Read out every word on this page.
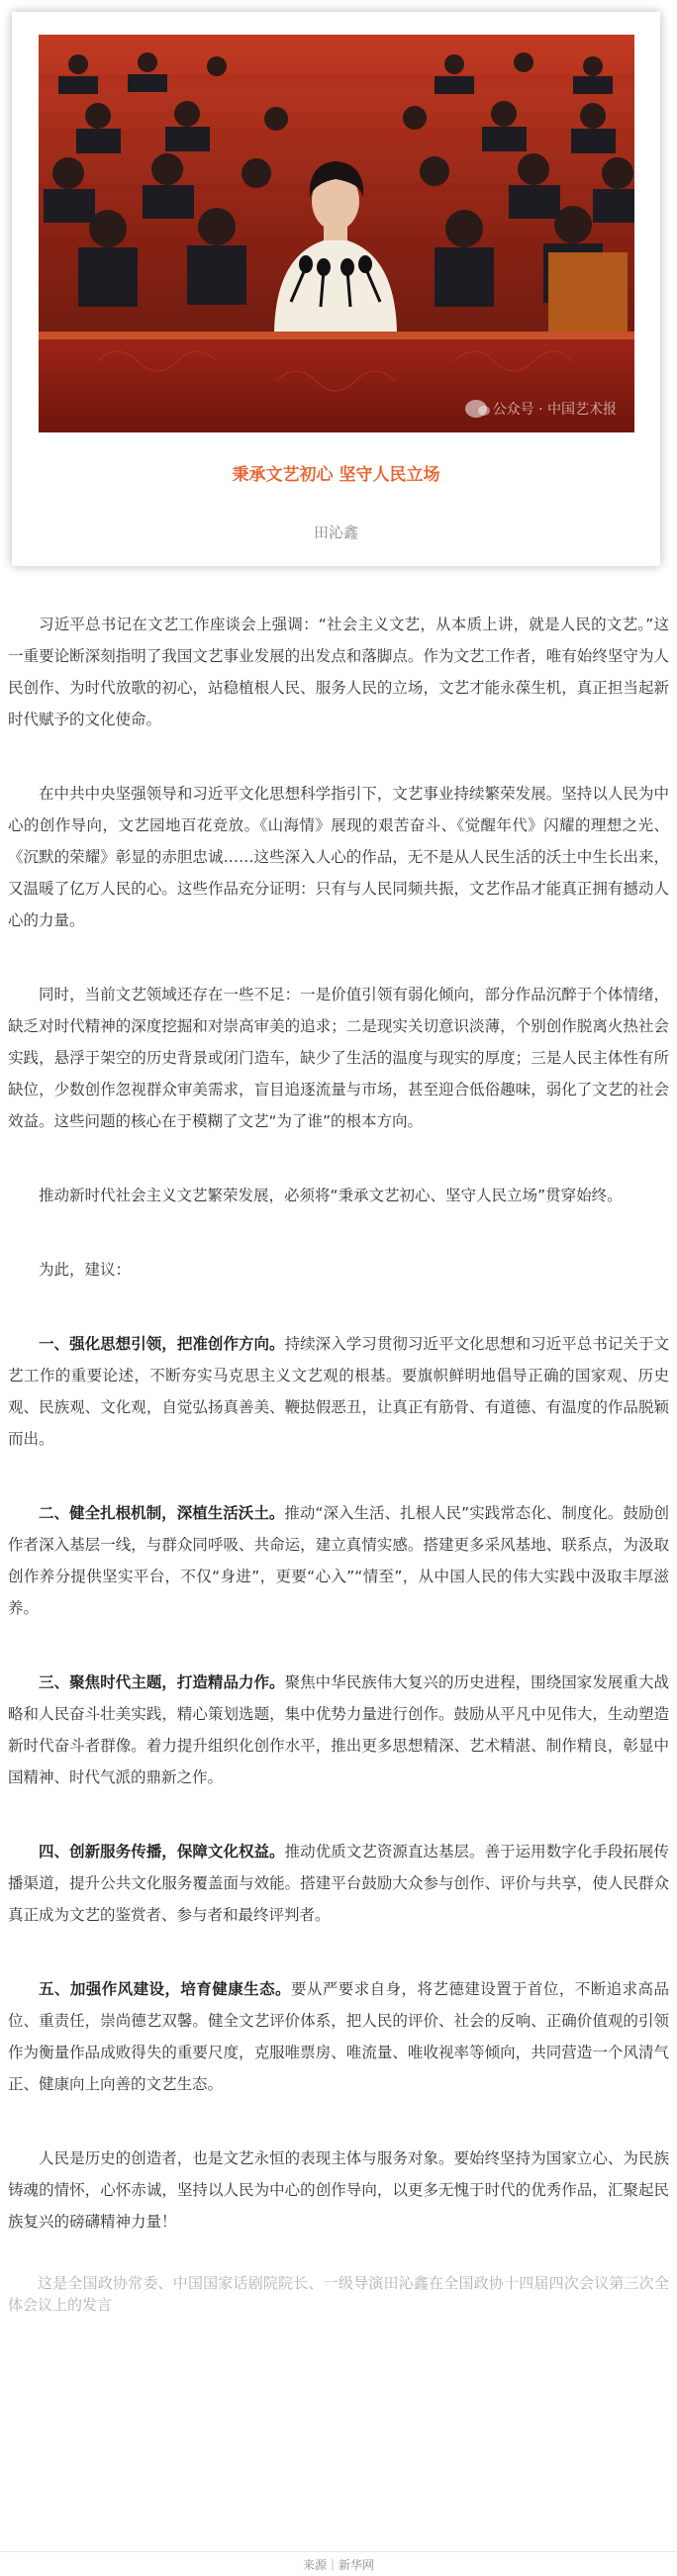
公众号 · 中国艺术报
秉承文艺初心 坚守人民立场
田沁鑫

习近平总书记在文艺工作座谈会上强调：“社会主义文艺，从本质上讲，就是人民的文艺。”这一重要论断深刻指明了我国文艺事业发展的出发点和落脚点。作为文艺工作者，唯有始终坚守为人民创作、为时代放歌的初心，站稳植根人民、服务人民的立场，文艺才能永葆生机，真正担当起新时代赋予的文化使命。

在中共中央坚强领导和习近平文化思想科学指引下，文艺事业持续繁荣发展。坚持以人民为中心的创作导向，文艺园地百花竞放。《山海情》展现的艰苦奋斗、《觉醒年代》闪耀的理想之光、《沉默的荣耀》彰显的赤胆忠诚……这些深入人心的作品，无不是从人民生活的沃土中生长出来，又温暖了亿万人民的心。这些作品充分证明：只有与人民同频共振，文艺作品才能真正拥有撼动人心的力量。

同时，当前文艺领域还存在一些不足：一是价值引领有弱化倾向，部分作品沉醉于个体情绪，缺乏对时代精神的深度挖掘和对崇高审美的追求；二是现实关切意识淡薄，个别创作脱离火热社会实践，悬浮于架空的历史背景或闭门造车，缺少了生活的温度与现实的厚度；三是人民主体性有所缺位，少数创作忽视群众审美需求，盲目追逐流量与市场，甚至迎合低俗趣味，弱化了文艺的社会效益。这些问题的核心在于模糊了文艺“为了谁”的根本方向。

推动新时代社会主义文艺繁荣发展，必须将“秉承文艺初心、坚守人民立场”贯穿始终。

为此，建议：

一、强化思想引领，把准创作方向。持续深入学习贯彻习近平文化思想和习近平总书记关于文艺工作的重要论述，不断夯实马克思主义文艺观的根基。要旗帜鲜明地倡导正确的国家观、历史观、民族观、文化观，自觉弘扬真善美、鞭挞假恶丑，让真正有筋骨、有道德、有温度的作品脱颖而出。

二、健全扎根机制，深植生活沃土。推动“深入生活、扎根人民”实践常态化、制度化。鼓励创作者深入基层一线，与群众同呼吸、共命运，建立真情实感。搭建更多采风基地、联系点，为汲取创作养分提供坚实平台，不仅“身进”，更要“心入”“情至”，从中国人民的伟大实践中汲取丰厚滋养。

三、聚焦时代主题，打造精品力作。聚焦中华民族伟大复兴的历史进程，围绕国家发展重大战略和人民奋斗壮美实践，精心策划选题，集中优势力量进行创作。鼓励从平凡中见伟大，生动塑造新时代奋斗者群像。着力提升组织化创作水平，推出更多思想精深、艺术精湛、制作精良，彰显中国精神、时代气派的鼎新之作。

四、创新服务传播，保障文化权益。推动优质文艺资源直达基层。善于运用数字化手段拓展传播渠道，提升公共文化服务覆盖面与效能。搭建平台鼓励大众参与创作、评价与共享，使人民群众真正成为文艺的鉴赏者、参与者和最终评判者。

五、加强作风建设，培育健康生态。要从严要求自身，将艺德建设置于首位，不断追求高品位、重责任，崇尚德艺双馨。健全文艺评价体系，把人民的评价、社会的反响、正确价值观的引领作为衡量作品成败得失的重要尺度，克服唯票房、唯流量、唯收视率等倾向，共同营造一个风清气正、健康向上向善的文艺生态。

人民是历史的创造者，也是文艺永恒的表现主体与服务对象。要始终坚持为国家立心、为民族铸魂的情怀，心怀赤诚，坚持以人民为中心的创作导向，以更多无愧于时代的优秀作品，汇聚起民族复兴的磅礴精神力量！

这是全国政协常委、中国国家话剧院院长、一级导演田沁鑫在全国政协十四届四次会议第三次全体会议上的发言

来源｜新华网
